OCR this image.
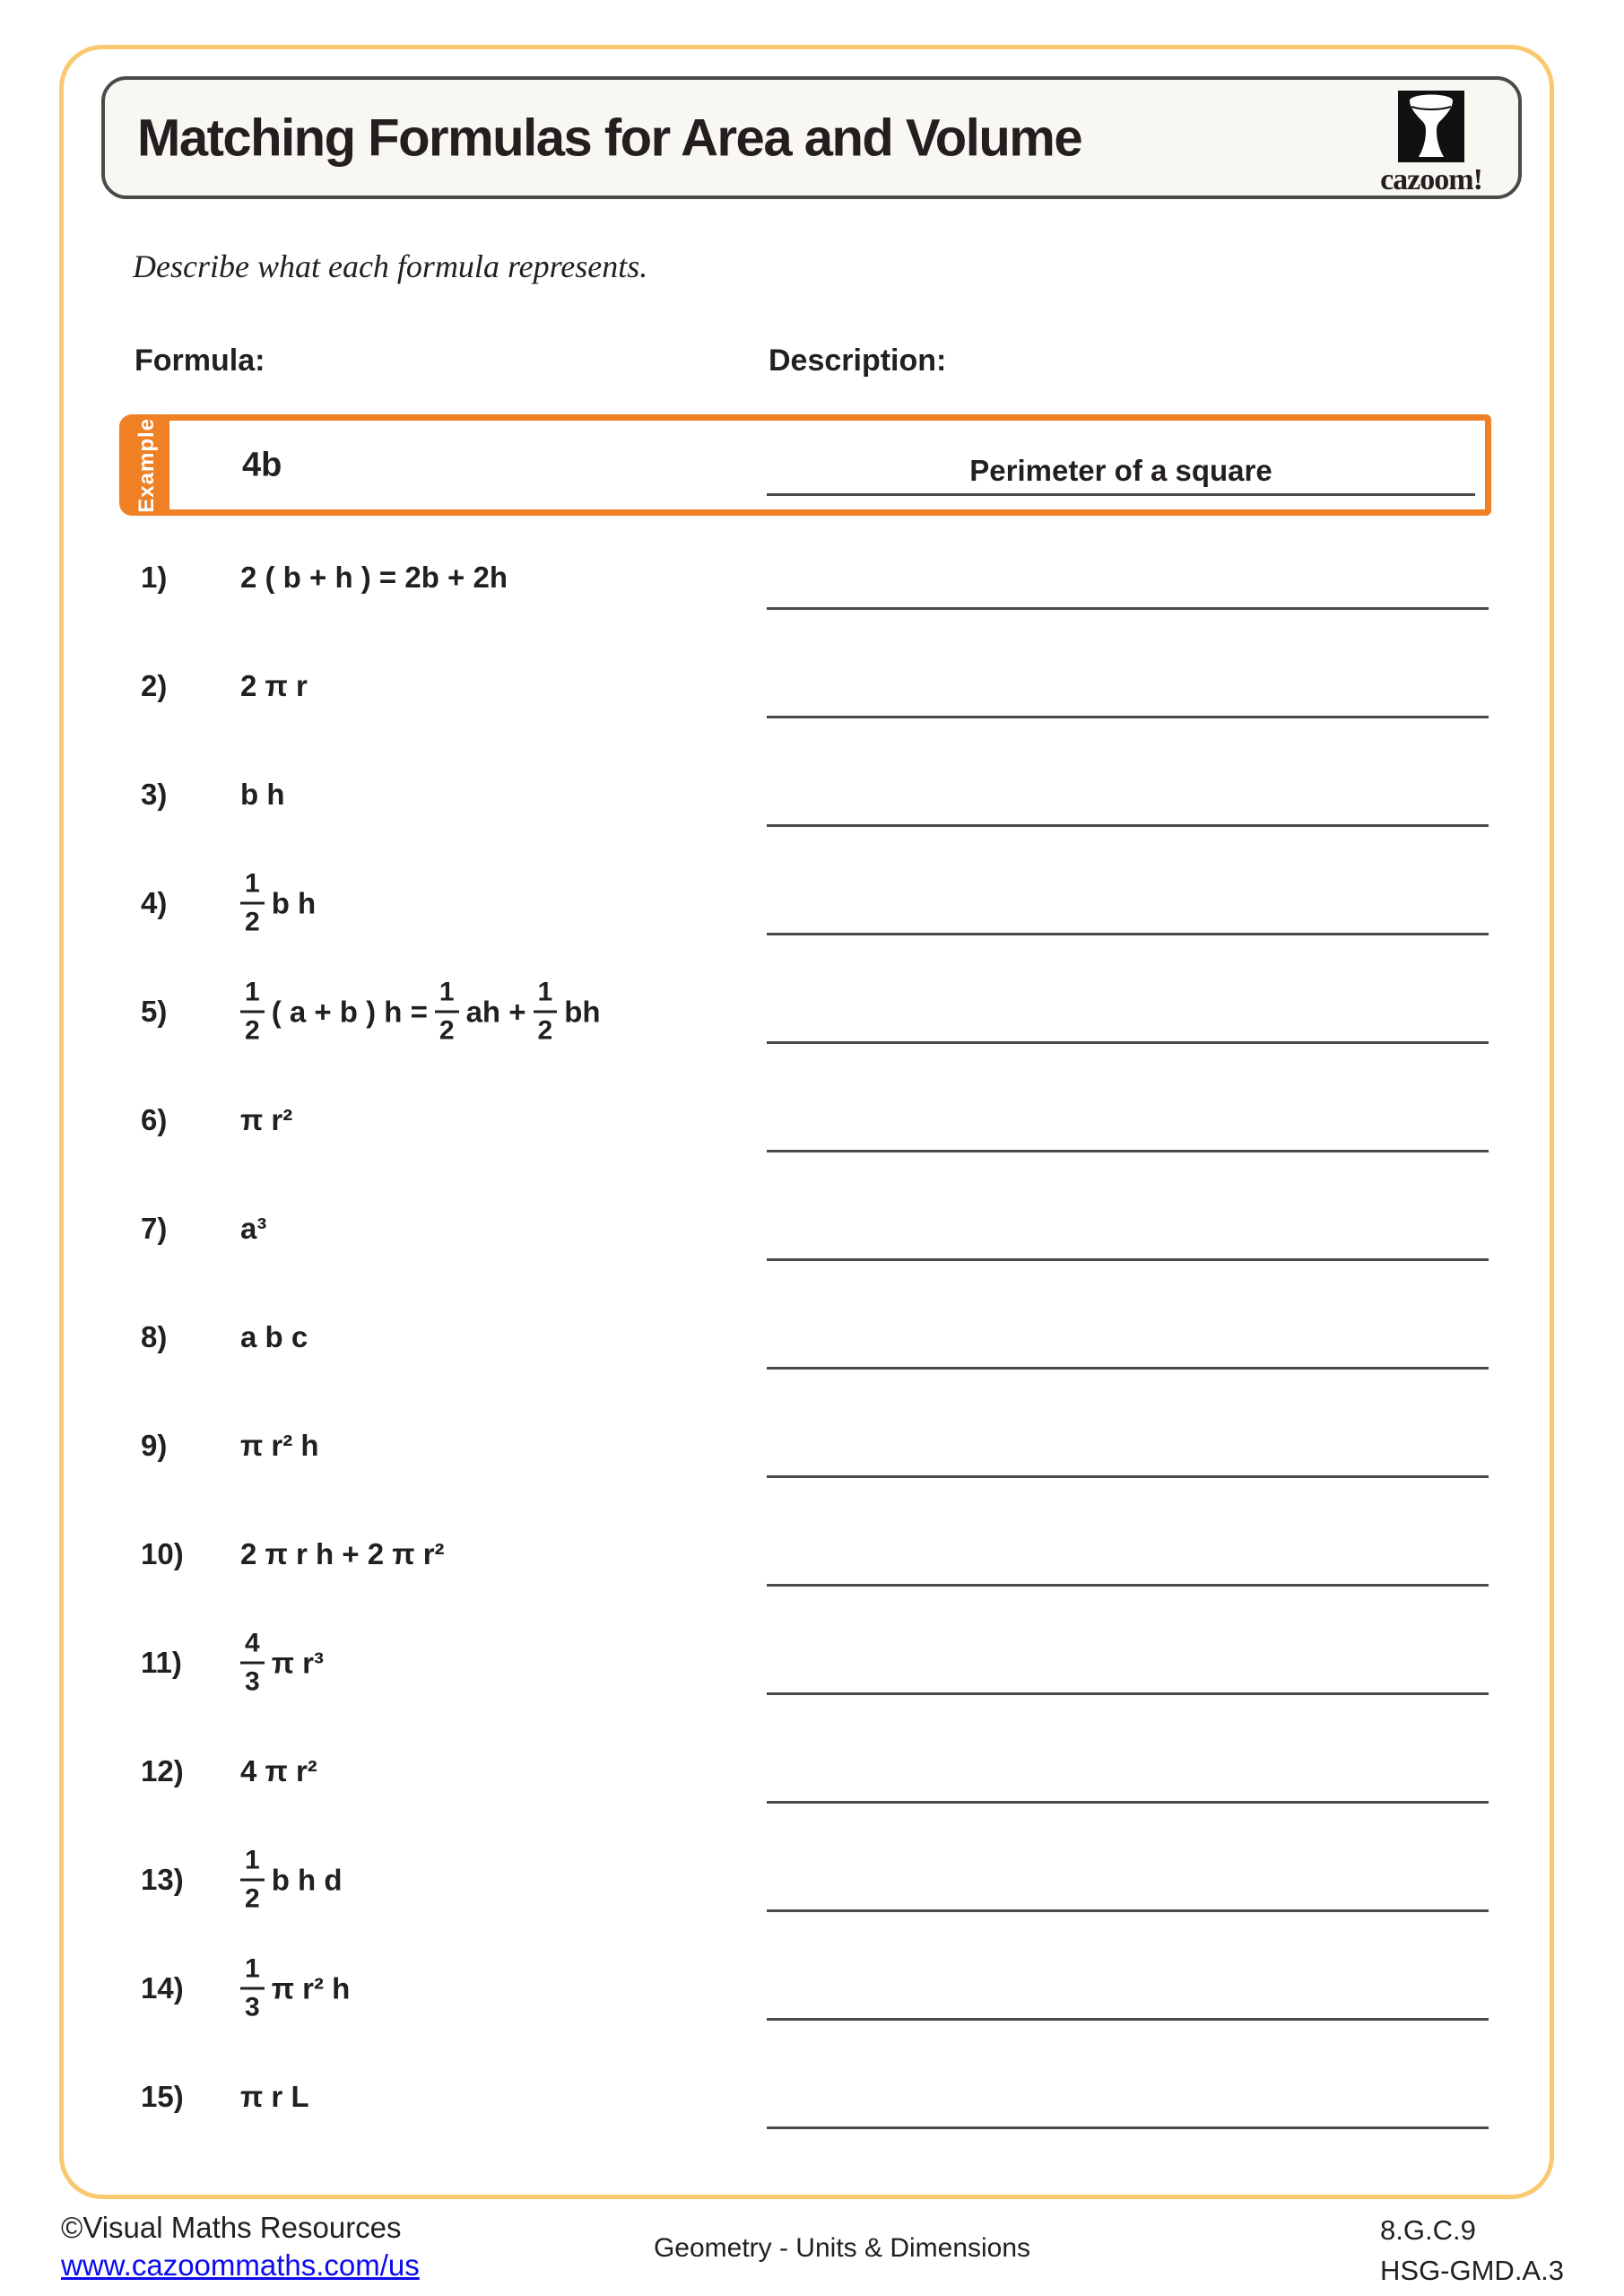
Matching Formulas for Area and Volume
cazoom!
Describe what each formula represents.
Formula:	Description:
Example 4b	Perimeter of a square
1) 2 ( b + h ) = 2b + 2h
2) 2 π r
3) b h
4)	$\frac{1}{2}$ b h
5)	$\frac{1}{2}$ ( a + b ) $h = \frac{1}{2}$ ah + $\frac{1}{2}$ bh
6) π r²
7) a³
8) a b c
9) π r² h
10) 2 π r h + 2 π r²
$11) \frac{4}{3}$ π r³
12) 4 π r²
$13) \frac{1}{2}$ b h d
$14) \frac{1}{3}$ π r² h
15) π r L
©Visual Maths Resources
www.cazoommaths.com/us
Geometry - Units & Dimensions
8.G.C.9
HSG-GMD.A.3
